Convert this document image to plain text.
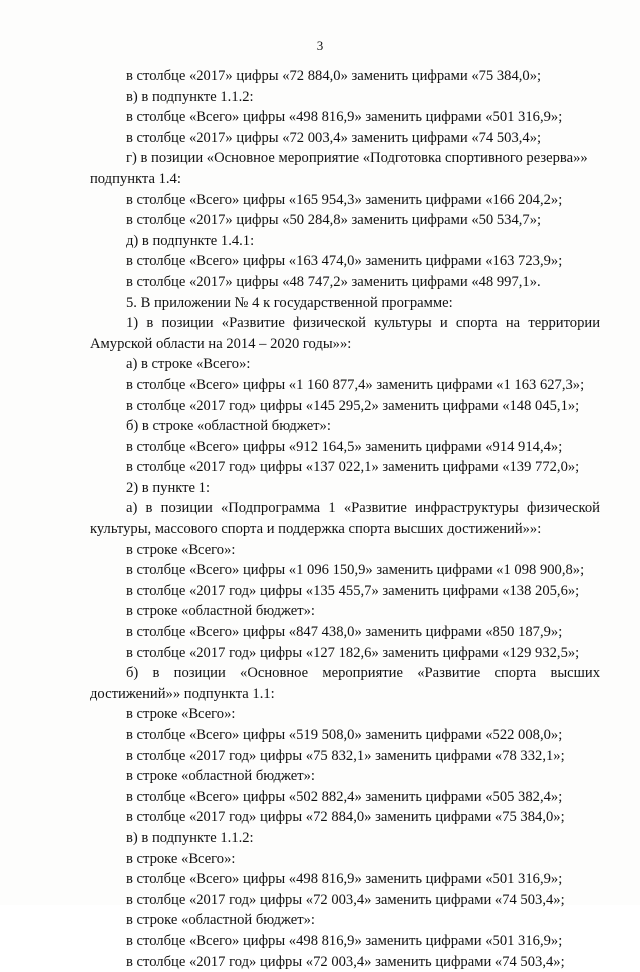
3
в столбце «2017» цифры «72 884,0» заменить цифрами «75 384,0»;
в) в подпункте 1.1.2:
в столбце «Всего» цифры «498 816,9» заменить цифрами «501 316,9»;
в столбце «2017» цифры «72 003,4» заменить цифрами «74 503,4»;
г) в позиции «Основное мероприятие «Подготовка спортивного резерва»»
подпункта 1.4:
в столбце «Всего» цифры «165 954,3» заменить цифрами «166 204,2»;
в столбце «2017» цифры «50 284,8» заменить цифрами «50 534,7»;
д) в подпункте 1.4.1:
в столбце «Всего» цифры «163 474,0» заменить цифрами «163 723,9»;
в столбце «2017» цифры «48 747,2» заменить цифрами «48 997,1».
5. В приложении № 4 к государственной программе:
1) в позиции «Развитие физической культуры и спорта на территории
Амурской области на 2014 – 2020 годы»»:
а) в строке «Всего»:
в столбце «Всего» цифры «1 160 877,4» заменить цифрами «1 163 627,3»;
в столбце «2017 год» цифры «145 295,2» заменить цифрами «148 045,1»;
б) в строке «областной бюджет»:
в столбце «Всего» цифры «912 164,5» заменить цифрами «914 914,4»;
в столбце «2017 год» цифры «137 022,1» заменить цифрами «139 772,0»;
2) в пункте 1:
а) в позиции «Подпрограмма 1 «Развитие инфраструктуры физической
культуры, массового спорта и поддержка спорта высших достижений»»:
в строке «Всего»:
в столбце «Всего» цифры «1 096 150,9» заменить цифрами «1 098 900,8»;
в столбце «2017 год» цифры «135 455,7» заменить цифрами «138 205,6»;
в строке «областной бюджет»:
в столбце «Всего» цифры «847 438,0» заменить цифрами «850 187,9»;
в столбце «2017 год» цифры «127 182,6» заменить цифрами «129 932,5»;
б) в позиции «Основное мероприятие «Развитие спорта высших
достижений»» подпункта 1.1:
в строке «Всего»:
в столбце «Всего» цифры «519 508,0» заменить цифрами «522 008,0»;
в столбце «2017 год» цифры «75 832,1» заменить цифрами «78 332,1»;
в строке «областной бюджет»:
в столбце «Всего» цифры «502 882,4» заменить цифрами «505 382,4»;
в столбце «2017 год» цифры «72 884,0» заменить цифрами «75 384,0»;
в) в подпункте 1.1.2:
в строке «Всего»:
в столбце «Всего» цифры «498 816,9» заменить цифрами «501 316,9»;
в столбце «2017 год» цифры «72 003,4» заменить цифрами «74 503,4»;
в строке «областной бюджет»:
в столбце «Всего» цифры «498 816,9» заменить цифрами «501 316,9»;
в столбце «2017 год» цифры «72 003,4» заменить цифрами «74 503,4»;
